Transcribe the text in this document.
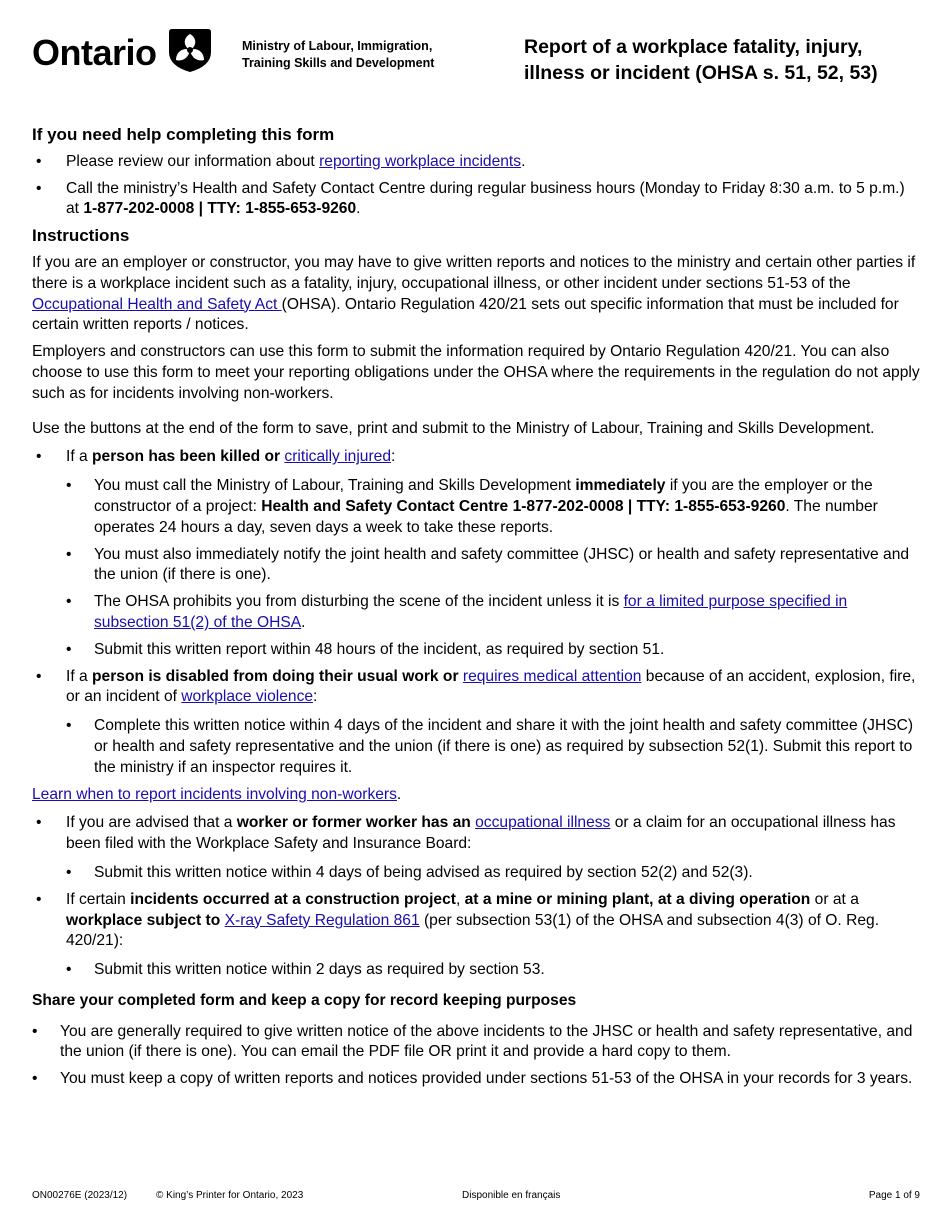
Ontario	Ministry of Labour, Immigration,
Training Skills and Development
Report of a workplace fatality, injury,
illness or incident (OHSA s. 51, 52, 53)
If you need help completing this form
• Please review our information about reporting workplace incidents.
• Call the ministry’s Health and Safety Contact Centre during regular business hours (Monday to Friday 8:30 a.m. to 5 p.m.) at 1-877-202-0008 | TTY: 1-855-653-9260.
Instructions

If you are an employer or constructor, you may have to give written reports and notices to the ministry and certain other parties if there is a workplace incident such as a fatality, injury, occupational illness, or other incident under sections 51-53 of the Occupational Health and Safety Act (OHSA). Ontario Regulation 420/21 sets out specific information that must be included for certain written reports / notices.

Employers and constructors can use this form to submit the information required by Ontario Regulation 420/21. You can also choose to use this form to meet your reporting obligations under the OHSA where the requirements in the regulation do not apply such as for incidents involving non-workers.

Use the buttons at the end of the form to save, print and submit to the Ministry of Labour, Training and Skills Development.

• If a person has been killed or critically injured:
• You must call the Ministry of Labour, Training and Skills Development immediately if you are the employer or the constructor of a project: Health and Safety Contact Centre 1-877-202-0008 | TTY: 1-855-653-9260. The number operates 24 hours a day, seven days a week to take these reports.
• You must also immediately notify the joint health and safety committee (JHSC) or health and safety representative and the union (if there is one).
• The OHSA prohibits you from disturbing the scene of the incident unless it is for a limited purpose specified in subsection 51(2) of the OHSA.
• Submit this written report within 48 hours of the incident, as required by section 51.
• If a person is disabled from doing their usual work or requires medical attention because of an accident, explosion, fire, or an incident of workplace violence:
• Complete this written notice within 4 days of the incident and share it with the joint health and safety committee (JHSC) or health and safety representative and the union (if there is one) as required by subsection 52(1). Submit this report to the ministry if an inspector requires it.

Learn when to report incidents involving non-workers.

• If you are advised that a worker or former worker has an occupational illness or a claim for an occupational illness has been filed with the Workplace Safety and Insurance Board:
• Submit this written notice within 4 days of being advised as required by section 52(2) and 52(3).
• If certain incidents occurred at a construction project, at a mine or mining plant, at a diving operation or at a workplace subject to X-ray Safety Regulation 861 (per subsection 53(1) of the OHSA and subsection 4(3) of O. Reg. 420/21):
• Submit this written notice within 2 days as required by section 53.
Share your completed form and keep a copy for record keeping purposes
• You are generally required to give written notice of the above incidents to the JHSC or health and safety representative, and the union (if there is one). You can email the PDF file OR print it and provide a hard copy to them.
• You must keep a copy of written reports and notices provided under sections 51-53 of the OHSA in your records for 3 years.
ON00276E (2023/12)	© King’s Printer for Ontario, 2023	Disponible en français	Page 1 of 9
